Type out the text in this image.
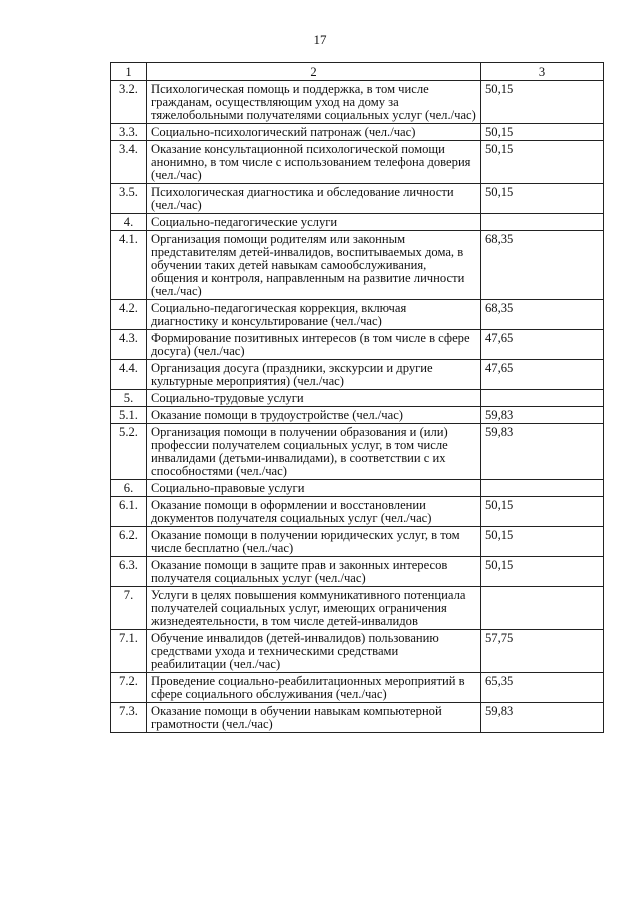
17
1	2	3
3.2.	Психологическая помощь и поддержка, в том числе гражданам, осуществляющим уход на дому за тяжелобольными получателями социальных услуг (чел./час)	50,15
3.3.	Социально-психологический патронаж (чел./час)	50,15
3.4.	Оказание консультационной психологической помощи анонимно, в том числе с использованием телефона доверия (чел./час)	50,15
3.5.	Психологическая диагностика и обследование личности (чел./час)	50,15
4.	Социально-педагогические услуги	
4.1.	Организация помощи родителям или законным представителям детей-инвалидов, воспитываемых дома, в обучении таких детей навыкам самообслуживания, общения и контроля, направленным на развитие личности (чел./час)	68,35
4.2.	Социально-педагогическая коррекция, включая диагностику и консультирование (чел./час)	68,35
4.3.	Формирование позитивных интересов (в том числе в сфере досуга) (чел./час)	47,65
4.4.	Организация досуга (праздники, экскурсии и другие культурные мероприятия) (чел./час)	47,65
5.	Социально-трудовые услуги	
5.1.	Оказание помощи в трудоустройстве (чел./час)	59,83
5.2.	Организация помощи в получении образования и (или) профессии получателем социальных услуг, в том числе инвалидами (детьми-инвалидами), в соответствии с их способностями (чел./час)	59,83
6.	Социально-правовые услуги	
6.1.	Оказание помощи в оформлении и восстановлении документов получателя социальных услуг (чел./час)	50,15
6.2.	Оказание помощи в получении юридических услуг, в том числе бесплатно (чел./час)	50,15
6.3.	Оказание помощи в защите прав и законных интересов получателя социальных услуг (чел./час)	50,15
7.	Услуги в целях повышения коммуникативного потенциала получателей социальных услуг, имеющих ограничения жизнедеятельности, в том числе детей-инвалидов	
7.1.	Обучение инвалидов (детей-инвалидов) пользованию средствами ухода и техническими средствами реабилитации (чел./час)	57,75
7.2.	Проведение социально-реабилитационных мероприятий в сфере социального обслуживания (чел./час)	65,35
7.3.	Оказание помощи в обучении навыкам компьютерной грамотности (чел./час)	59,83
